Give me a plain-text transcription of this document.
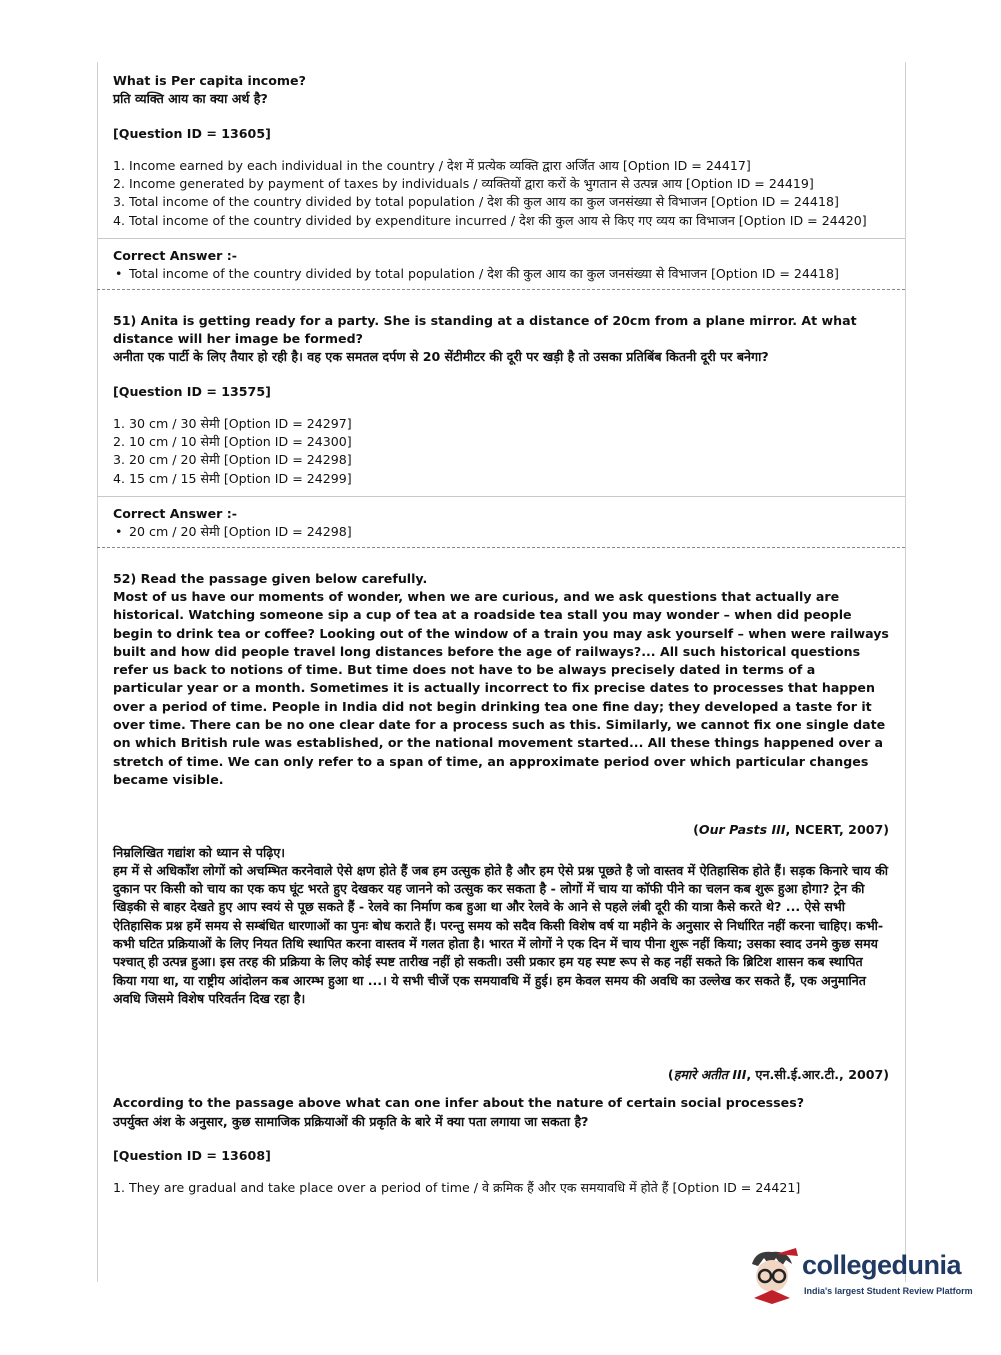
What is Per capita income?

प्रति व्यक्ति आय का क्या अर्थ है?

[Question ID = 13605]

1. Income earned by each individual in the country / देश में प्रत्येक व्यक्ति द्वारा अर्जित आय [Option ID = 24417]

2. Income generated by payment of taxes by individuals / व्यक्तियों द्वारा करों के भुगतान से उत्पन्न आय [Option ID = 24419]

3. Total income of the country divided by total population / देश की कुल आय का कुल जनसंख्या से विभाजन [Option ID = 24418]

4. Total income of the country divided by expenditure incurred / देश की कुल आय से किए गए व्यय का विभाजन [Option ID = 24420]

Correct Answer :-

• Total income of the country divided by total population / देश की कुल आय का कुल जनसंख्या से विभाजन [Option ID = 24418]

51) Anita is getting ready for a party. She is standing at a distance of 20cm from a plane mirror. At what distance will her image be formed?

अनीता एक पार्टी के लिए तैयार हो रही है। वह एक समतल दर्पण से 20 सेंटीमीटर की दूरी पर खड़ी है तो उसका प्रतिबिंब कितनी दूरी पर बनेगा?

[Question ID = 13575]

1. 30 cm / 30 सेमी [Option ID = 24297]

2. 10 cm / 10 सेमी [Option ID = 24300]

3. 20 cm / 20 सेमी [Option ID = 24298]

4. 15 cm / 15 सेमी [Option ID = 24299]

Correct Answer :-

• 20 cm / 20 सेमी [Option ID = 24298]

52) Read the passage given below carefully.

Most of us have our moments of wonder, when we are curious, and we ask questions that actually are historical. Watching someone sip a cup of tea at a roadside tea stall you may wonder – when did people begin to drink tea or coffee? Looking out of the window of a train you may ask yourself – when were railways built and how did people travel long distances before the age of railways?... All such historical questions refer us back to notions of time. But time does not have to be always precisely dated in terms of a particular year or a month. Sometimes it is actually incorrect to fix precise dates to processes that happen over a period of time. People in India did not begin drinking tea one fine day; they developed a taste for it over time. There can be no one clear date for a process such as this. Similarly, we cannot fix one single date on which British rule was established, or the national movement started... All these things happened over a stretch of time. We can only refer to a span of time, an approximate period over which particular changes became visible.

(Our Pasts III, NCERT, 2007)

निम्रलिखित गद्यांश को ध्यान से पढ़िए।

हम में से अधिकाँश लोगों को अचम्भित करनेवाले ऐसे क्षण होते हैं जब हम उत्सुक होते है और हम ऐसे प्रश्न पूछते है जो वास्तव में ऐतिहासिक होते हैं। सड़क किनारे चाय की दुकान पर किसी को चाय का एक कप घूंट भरते हुए देखकर यह जानने को उत्सुक कर सकता है - लोगों में चाय या कॉफी पीने का चलन कब शुरू हुआ होगा? ट्रेन की खिड़की से बाहर देखते हुए आप स्वयं से पूछ सकते हैं - रेलवे का निर्माण कब हुआ था और रेलवे के आने से पहले लंबी दूरी की यात्रा कैसे करते थे? ... ऐसे सभी ऐतिहासिक प्रश्न हमें समय से सम्बंधित धारणाओं का पुनः बोध कराते हैं। परन्तु समय को सदैव किसी विशेष वर्ष या महीने के अनुसार से निर्धारित नहीं करना चाहिए। कभी-कभी घटित प्रक्रियाओं के लिए नियत तिथि स्थापित करना वास्तव में गलत होता है। भारत में लोगों ने एक दिन में चाय पीना शुरू नहीं किया; उसका स्वाद उनमे कुछ समय पश्चात् ही उत्पन्न हुआ। इस तरह की प्रक्रिया के लिए कोई स्पष्ट तारीख नहीं हो सकती। उसी प्रकार हम यह स्पष्ट रूप से कह नहीं सकते कि ब्रिटिश शासन कब स्थापित किया गया था, या राष्ट्रीय आंदोलन कब आरम्भ हुआ था ...। ये सभी चीजें एक समयावधि में हुई। हम केवल समय की अवधि का उल्लेख कर सकते हैं, एक अनुमानित अवधि जिसमे विशेष परिवर्तन दिख रहा है।

(हमारे अतीत III, एन.सी.ई.आर.टी., 2007)

According to the passage above what can one infer about the nature of certain social processes?

उपर्युक्त अंश के अनुसार, कुछ सामाजिक प्रक्रियाओं की प्रकृति के बारे में क्या पता लगाया जा सकता है?

[Question ID = 13608]

1. They are gradual and take place over a period of time / वे क्रमिक हैं और एक समयावधि में होते हैं [Option ID = 24421]

collegedunia
India's largest Student Review Platform
